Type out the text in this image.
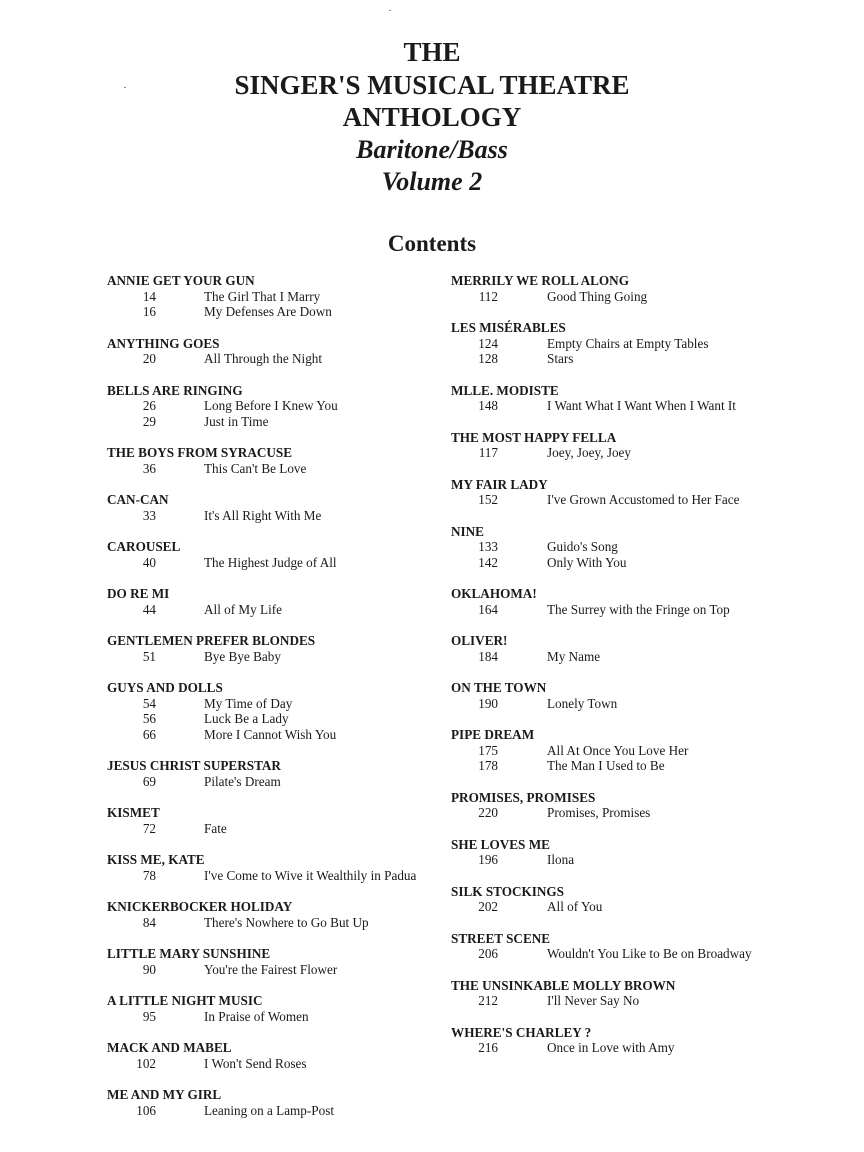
THE
SINGER'S MUSICAL THEATRE
ANTHOLOGY
Baritone/Bass
Volume 2
Contents
ANNIE GET YOUR GUN
14	The Girl That I Marry
16	My Defenses Are Down
ANYTHING GOES
20	All Through the Night
BELLS ARE RINGING
26	Long Before I Knew You
29	Just in Time
THE BOYS FROM SYRACUSE
36	This Can't Be Love
CAN-CAN
33	It's All Right With Me
CAROUSEL
40	The Highest Judge of All
DO RE MI
44	All of My Life
GENTLEMEN PREFER BLONDES
51	Bye Bye Baby
GUYS AND DOLLS
54	My Time of Day
56	Luck Be a Lady
66	More I Cannot Wish You
JESUS CHRIST SUPERSTAR
69	Pilate's Dream
KISMET
72	Fate
KISS ME, KATE
78	I've Come to Wive it Wealthily in Padua
KNICKERBOCKER HOLIDAY
84	There's Nowhere to Go But Up
LITTLE MARY SUNSHINE
90	You're the Fairest Flower
A LITTLE NIGHT MUSIC
95	In Praise of Women
MACK AND MABEL
102	I Won't Send Roses
ME AND MY GIRL
106	Leaning on a Lamp-Post
MERRILY WE ROLL ALONG
112	Good Thing Going
LES MISÉRABLES
124	Empty Chairs at Empty Tables
128	Stars
MLLE. MODISTE
148	I Want What I Want When I Want It
THE MOST HAPPY FELLA
117	Joey, Joey, Joey
MY FAIR LADY
152	I've Grown Accustomed to Her Face
NINE
133	Guido's Song
142	Only With You
OKLAHOMA!
164	The Surrey with the Fringe on Top
OLIVER!
184	My Name
ON THE TOWN
190	Lonely Town
PIPE DREAM
175	All At Once You Love Her
178	The Man I Used to Be
PROMISES, PROMISES
220	Promises, Promises
SHE LOVES ME
196	Ilona
SILK STOCKINGS
202	All of You
STREET SCENE
206	Wouldn't You Like to Be on Broadway
THE UNSINKABLE MOLLY BROWN
212	I'll Never Say No
WHERE'S CHARLEY ?
216	Once in Love with Amy
